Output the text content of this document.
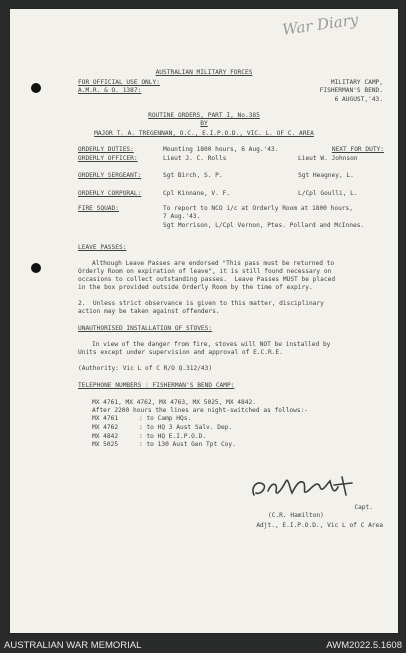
War Diary
AUSTRALIAN MILITARY FORCES
FOR OFFICIAL USE ONLY:
A.M.R. & O. 1387:
MILITARY CAMP,
FISHERMAN'S BEND.
6 AUGUST,'43.
ROUTINE ORDERS, PART I, No.385
BY
MAJOR T. A. TREGENNAN, O.C., E.I.P.O.D., VIC. L. OF C. AREA
ORDERLY DUTIES:	Mounting 1800 hours, 6 Aug.'43.	NEXT FOR DUTY:
ORDERLY OFFICER:	Lieut J. C. Rolls	Lieut W. Johnson
ORDERLY SERGEANT:	Sgt Birch, S. P.	Sgt Heagney, L.
ORDERLY CORPORAL:	Cpl Kinnane, V. F.	L/Cpl Goulli, L.
FIRE SQUAD:	To report to NCO i/c at Orderly Room at 1800 hours,
7 Aug.'43.
Sgt Morrison, L/Cpl Vernon, Ptes. Pollard and McInnes.
LEAVE PASSES:
Although Leave Passes are endorsed "This pass must be returned to
Orderly Room on expiration of leave", it is still found necessary on
occasions to collect outstanding passes.  Leave Passes MUST be placed
in the box provided outside Orderly Room by the time of expiry.
2.  Unless strict observance is given to this matter, disciplinary
action may be taken against offenders.
UNAUTHORISED INSTALLATION OF STOVES:
In view of the danger from fire, stoves will NOT be installed by
Units except under supervision and approval of E.C.R.E.
(Authority: Vic L of C R/O Q.312/43)
TELEPHONE NUMBERS : FISHERMAN'S BEND CAMP:
MX 4761, MX 4762, MX 4763, MX 5025, MX 4842.
After 2200 hours the lines are night-switched as follows:-
MX 4761	: to Camp HQs.
MX 4762	: to HQ 3 Aust Salv. Dep.
MX 4842	: to HQ E.I.P.O.D.
MX 5025	: to 130 Aust Gen Tpt Coy.
Capt.
(C.R. Hamilton)
Adjt., E.I.P.O.D., Vic L of C Area
AUSTRALIAN WAR MEMORIAL	AWM2022.5.1608
